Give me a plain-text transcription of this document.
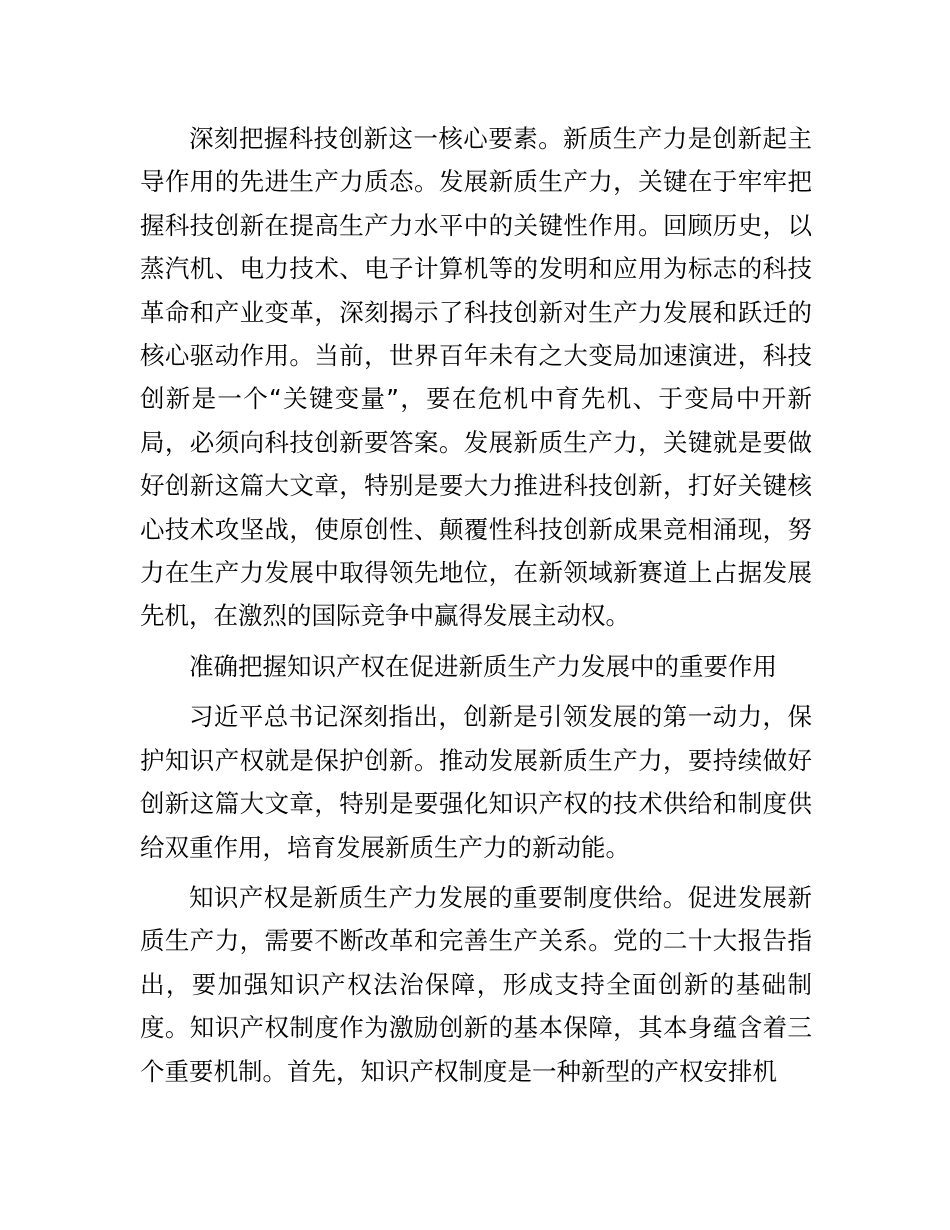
深刻把握科技创新这一核心要素。新质生产力是创新起主导作用的先进生产力质态。发展新质生产力，关键在于牢牢把握科技创新在提高生产力水平中的关键性作用。回顾历史，以蒸汽机、电力技术、电子计算机等的发明和应用为标志的科技革命和产业变革，深刻揭示了科技创新对生产力发展和跃迁的核心驱动作用。当前，世界百年未有之大变局加速演进，科技创新是一个“关键变量”，要在危机中育先机、于变局中开新局，必须向科技创新要答案。发展新质生产力，关键就是要做好创新这篇大文章，特别是要大力推进科技创新，打好关键核心技术攻坚战，使原创性、颠覆性科技创新成果竞相涌现，努力在生产力发展中取得领先地位，在新领域新赛道上占据发展先机，在激烈的国际竞争中赢得发展主动权。

准确把握知识产权在促进新质生产力发展中的重要作用

习近平总书记深刻指出，创新是引领发展的第一动力，保护知识产权就是保护创新。推动发展新质生产力，要持续做好创新这篇大文章，特别是要强化知识产权的技术供给和制度供给双重作用，培育发展新质生产力的新动能。

知识产权是新质生产力发展的重要制度供给。促进发展新质生产力，需要不断改革和完善生产关系。党的二十大报告指出，要加强知识产权法治保障，形成支持全面创新的基础制度。知识产权制度作为激励创新的基本保障，其本身蕴含着三个重要机制。首先，知识产权制度是一种新型的产权安排机
